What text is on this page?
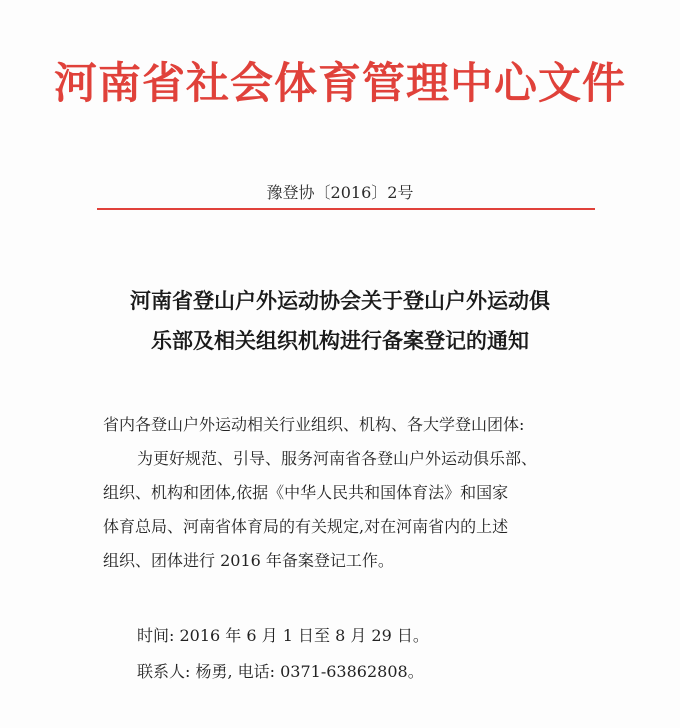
河南省社会体育管理中心文件
豫登协〔2016〕2号
河南省登山户外运动协会关于登山户外运动俱
乐部及相关组织机构进行备案登记的通知
省内各登山户外运动相关行业组织、机构、各大学登山团体:
为更好规范、引导、服务河南省各登山户外运动俱乐部、
组织、机构和团体,依据《中华人民共和国体育法》和国家
体育总局、河南省体育局的有关规定,对在河南省内的上述
组织、团体进行 2016 年备案登记工作。
时间: 2016 年 6 月 1 日至 8 月 29 日。
联系人: 杨勇, 电话: 0371-63862808。
